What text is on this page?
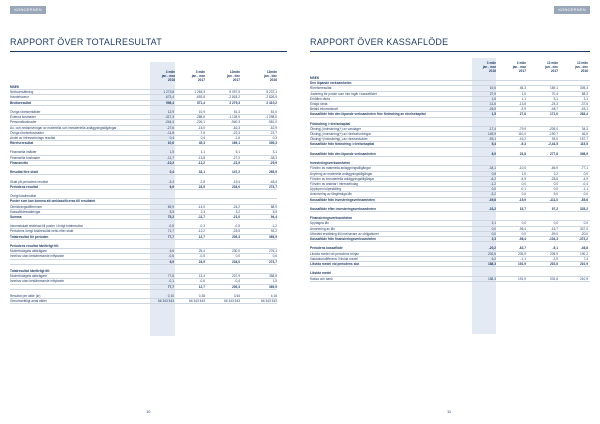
KONCERNEN	KONCERNEN
RAPPORT ÖVER TOTALRESULTAT
3 mån
jan - mar
2018
3 mån
jan - mar
2017
12mån
jan - dec
2017
12mån
jan - dec
2016
MSEK
Nettoomsättning	1 273,8	1 265,3	5 097,5	5 237,1
Handelsvaror	-673,4	-693,8	-2 818,2	-2 826,9
Bruttoresultat	598,4	571,4	2 279,3	2 410,2
Övriga rörelseintäkter	12,9	10,9	51,3	51,0
Externa kostnader	-317,3	-288,6	-1 128,9	-1 098,0
Personalkostnader	-244,4	-226,1	-940,3	-981,0
Av- och nedskrivningar av materiella och immateriella anläggningstillgångar	-27,6	-15,0	-62,3	-62,9
Övriga rörelsekostnader	-11,8	-7,6	-22,3	-22,7
Andel av intressebolags resultat	0,4	0,4	-1,6	0,3
Rörelseresultat	10,6	45,3	169,1	305,3
Finansiella intäkter	1,5	1,1	5,1	3,1
Finansiella kostnader	-11,7	-13,8	-27,0	-38,3
Finansnetto	-10,2	-12,2	-21,9	-29,9
Resultat före skatt	0,4	33,1	147,2	265,9
Skatt på periodens resultat	-3,4	-2,8	-19,4	-48,4
Periodens resultat	6,9	24,9	234,0	274,7
Övrigt totalresultat
Poster som kan komma att omklassificeras till resultatet
Omräkningsdifferenser	69,9	-14,0	-24,2	88,9
Kassaflödessäkringar	5,3	2,3	3,2	5,5
Summa	75,2	-11,7	-21,0	94,4
Inkomstskatt relaterad till poster i övrigt totalresultat	-0,5	-0,3	-0,5	-1,2
Periodens övrigt totalresultat netto efter skatt	71,7	-12,2	-25,5	93,2
Totalresultat för perioden	77,7	12,7	205,3	369,9
Periodens resultat hänförligt till:
Moderbolagets aktieägare	6,6	25,4	230,0	276,1
Innehav utan bestämmande inflytande	-0,6	-0,5	0,0	0,6
6,9	24,9	234,0	274,7
Totalresultat hänförligt till:
Moderbolagets aktieägare	77,8	13,4	207,9	358,5
Innehav utan bestämmande inflytande	-0,1	-0,6	-0,4	1,5
77,7	12,7	205,3	369,9
Resultat per aktie (kr)	0,10	0,38	3,54	4,16
Genomsnittligt antal aktier	66 343 543	66 343 543	66 343 543	66 343 543
10
RAPPORT ÖVER KASSAFLÖDE
3 mån
jan - mar
2018
3 mån
jan - mar
2017
12 mån
jan - dec
2017
12 mån
jan - dec
2016
MSEK
Den löpande verksamheten
Rörelseresultat	10,6	45,3	169,1	305,3
Justering för poster som inte ingår i kassaflödet	27,9	1,0	70,4	58,3
Erhållen ränta	1,5	1,1	5,1	3,1
Erlagd ränta	-11,6	-13,8	-24,3	-37,6
Betald inkomstskatt	-26,9	-9,9	-48,7	-45,1
Kassaflöde från den löpande verksamheten före förändring av rörelsekapital	1,5	27,8	171,0	283,4
Förändring i rörelsekapital
Ökning(-)/minskning(+) av varulager	-17,4	-79,9	-209,0	34,3
Ökning(-)/minskning(+) av rörelsefordringar	149,9	110,0	-190,7	46,5
Ökning(+)/minskning(-) av rörelseskulder	-93,1	-43,2	93,0	157,7
Kassaflöde från förändring i rörelsekapital	5,4	-9,3	-2,44,5	115,5
Kassaflöde från den löpande verksamheten	6,9	23,8	277,8	398,9
Investeringsverksamheten
Förvärv av materiella anläggningstillgångar	-34,1	-10,0	-66,9	-77,1
Avyttring av materiella anläggningstillgångar	0,8	1,0	2,2	0,9
Förvärv av immateriella anläggningstillgångar	-6,2	-5,9	-28,6	-4,9
Förvärv av andelar i intressebolag	-1,2	0,0	0,0	-0,4
Upplupen köpeskilling	0,0	-0,1	0,0	-1,1
Avskrivning av långfristiga lån	-3,2	0,0	5,0	0,0
Kassaflöde från investeringsverksamheten	-39,8	-15,9	-111,0	-85,6
Kassaflöde efter investeringsverksamheten	-33,2	15,7	97,2	325,2
Finansieringsverksamheten
Upptagna lån	2,1	0,0	0,0	0,0
Amortering av lån	0,0	-98,4	-16,7	-347,0
Utbetald ersättning till innehavare av obligationer	0,0	0,0	-99,0	-20,0
Kassaflöde från finansieringsverksamheten	2,3	-98,4	-104,3	-372,2
Periodens kassaflöde	-20,2	-82,7	-9,1	-46,8
Likvida medel vid periodens början	202,6	205,9	205,9	190,2
Valutakursdifferens i likvida medel	6,2	-1,1	-2,9	7,4
Likvida medel vid periodens slut	188,3	191,9	202,6	210,9
Likvida medel
Kassa och bank	188,3	191,9	202,6	210,9
11
